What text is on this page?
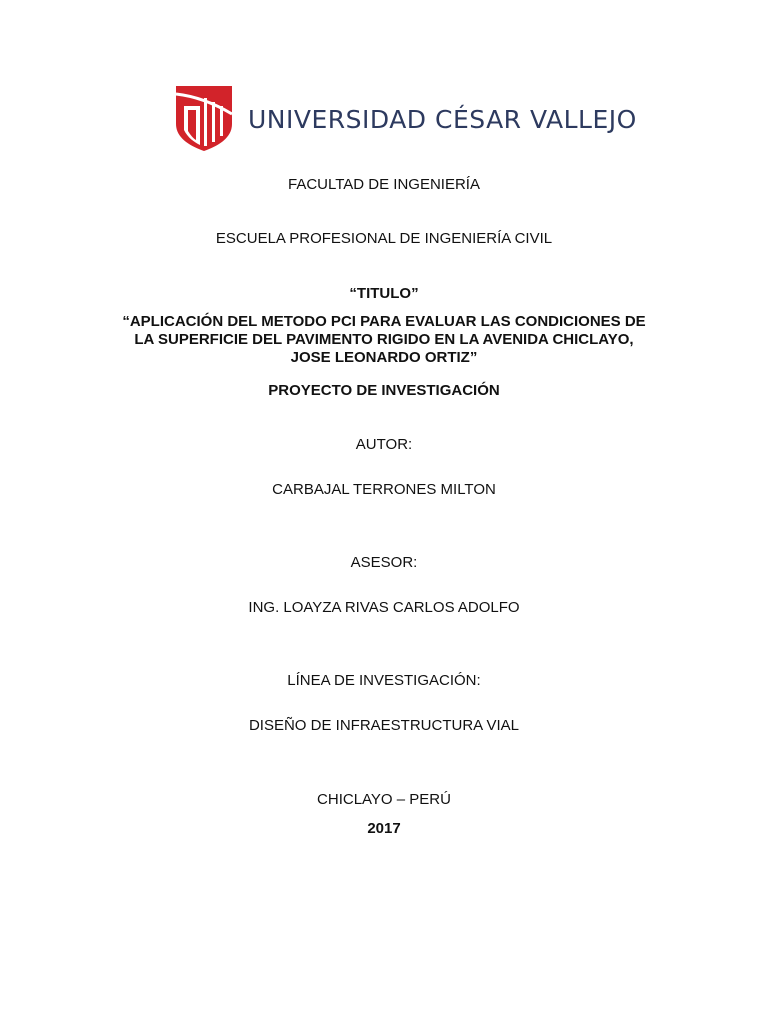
UNIVERSIDAD CÉSAR VALLEJO
FACULTAD DE INGENIERÍA
ESCUELA PROFESIONAL DE INGENIERÍA CIVIL
“TITULO”
“APLICACIÓN DEL METODO PCI PARA EVALUAR LAS CONDICIONES DE
LA SUPERFICIE DEL PAVIMENTO RIGIDO EN LA AVENIDA CHICLAYO,
JOSE LEONARDO ORTIZ”
PROYECTO DE INVESTIGACIÓN
AUTOR:
CARBAJAL TERRONES MILTON
ASESOR:
ING. LOAYZA RIVAS CARLOS ADOLFO
LÍNEA DE INVESTIGACIÓN:
DISEÑO DE INFRAESTRUCTURA VIAL
CHICLAYO – PERÚ
2017
